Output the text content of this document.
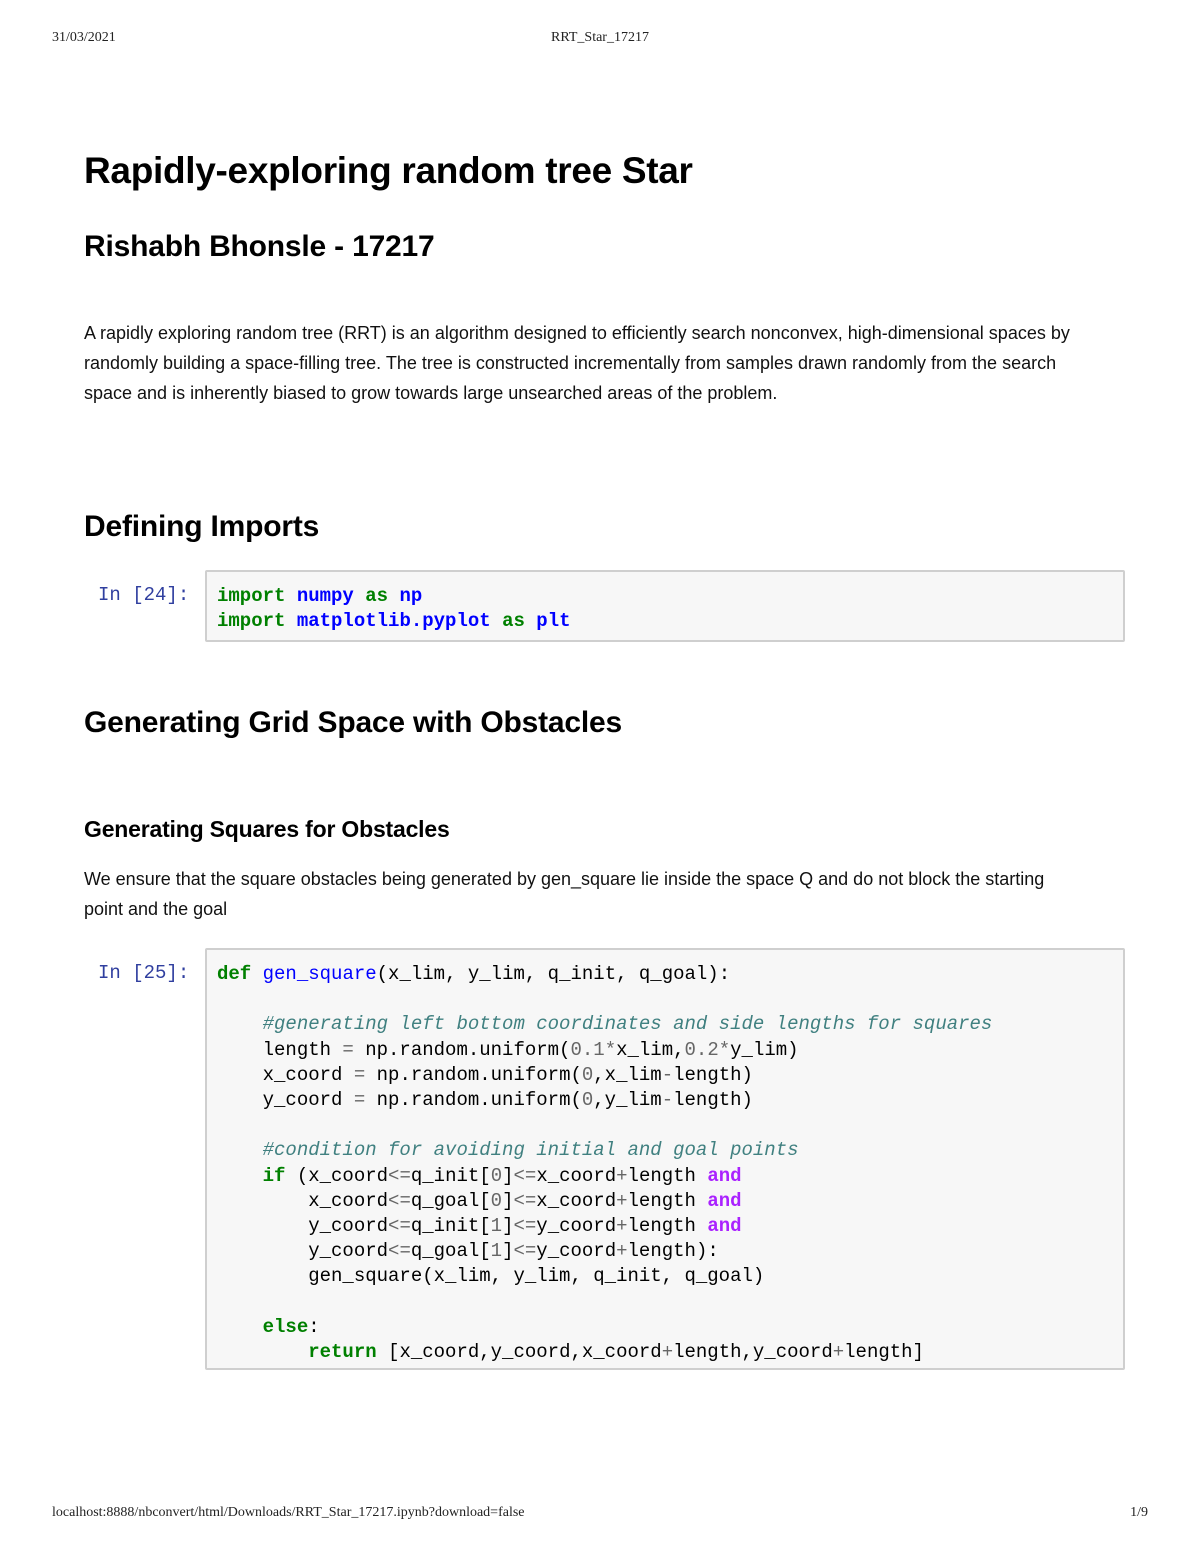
31/03/2021	RRT_Star_17217
Rapidly-exploring random tree Star
Rishabh Bhonsle - 17217

A rapidly exploring random tree (RRT) is an algorithm designed to efficiently search nonconvex, high-dimensional spaces by randomly building a space-filling tree. The tree is constructed incrementally from samples drawn randomly from the search space and is inherently biased to grow towards large unsearched areas of the problem.

Defining Imports
In [24]: import numpy as np
import matplotlib.pyplot as plt
Generating Grid Space with Obstacles
Generating Squares for Obstacles

We ensure that the square obstacles being generated by gen_square lie inside the space Q and do not block the starting point and the goal

In [25]: def gen_square(x_lim, y_lim, q_init, q_goal):

#generating left bottom coordinates and side lengths for squares
length = np.random.uniform(0.1*x_lim,0.2*y_lim)
x_coord = np.random.uniform(0,x_lim-length)
y_coord = np.random.uniform(0,y_lim-length)

#condition for avoiding initial and goal points
if (x_coord<=q_init[0]<=x_coord+length and
x_coord<=q_goal[0]<=x_coord+length and
y_coord<=q_init[1]<=y_coord+length and
y_coord<=q_goal[1]<=y_coord+length):
gen_square(x_lim, y_lim, q_init, q_goal)

else:
return [x_coord,y_coord,x_coord+length,y_coord+length]
localhost:8888/nbconvert/html/Downloads/RRT_Star_17217.ipynb?download=false	1/9
